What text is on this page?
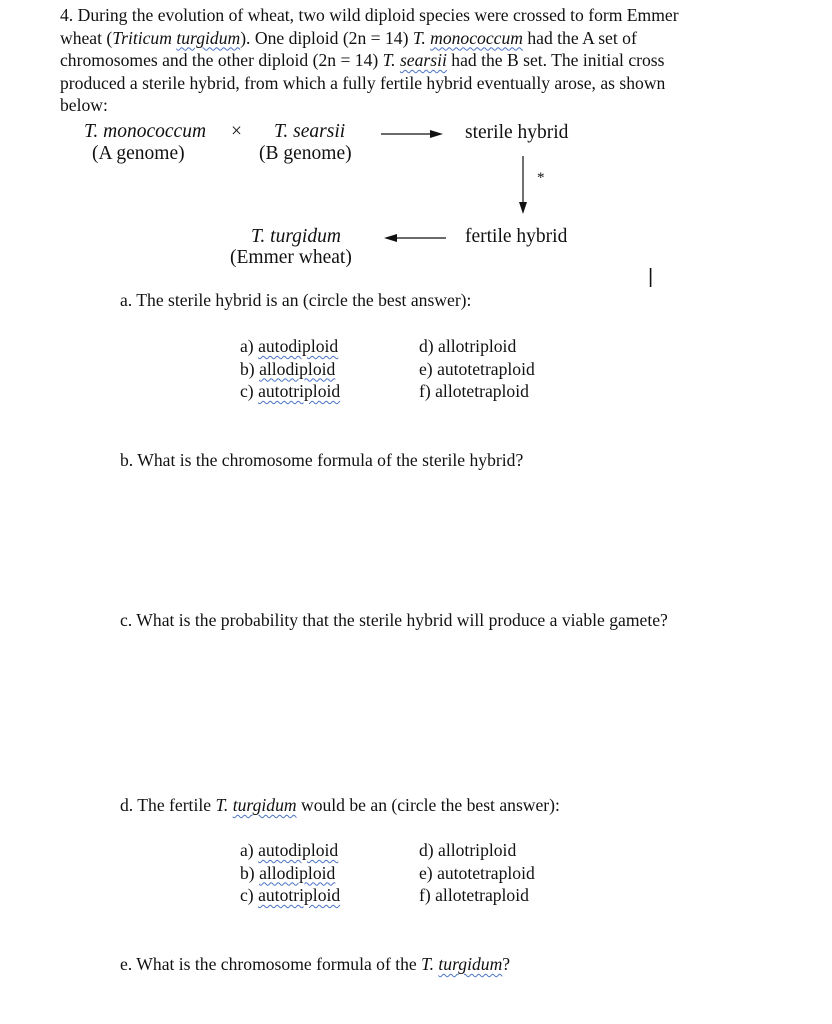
4. During the evolution of wheat, two wild diploid species were crossed to form Emmer

wheat (Triticum turgidum). One diploid (2n = 14) T. monococcum had the A set of

chromosomes and the other diploid (2n = 14) T. searsii had the B set. The initial cross

produced a sterile hybrid, from which a fully fertile hybrid eventually arose, as shown

below:

T. monococcum
(A genome)
× T. searsii
(B genome)
sterile hybrid
fertile hybrid
T. turgidum
(Emmer wheat)
*
|
a. The sterile hybrid is an (circle the best answer):
a) autodiploid
b) allodiploid
c) autotriploid
d) allotriploid
e) autotetraploid
f) allotetraploid
b. What is the chromosome formula of the sterile hybrid?
c. What is the probability that the sterile hybrid will produce a viable gamete?
d. The fertile T. turgidum would be an (circle the best answer):
a) autodiploid
b) allodiploid
c) autotriploid
d) allotriploid
e) autotetraploid
f) allotetraploid
e. What is the chromosome formula of the T. turgidum?
